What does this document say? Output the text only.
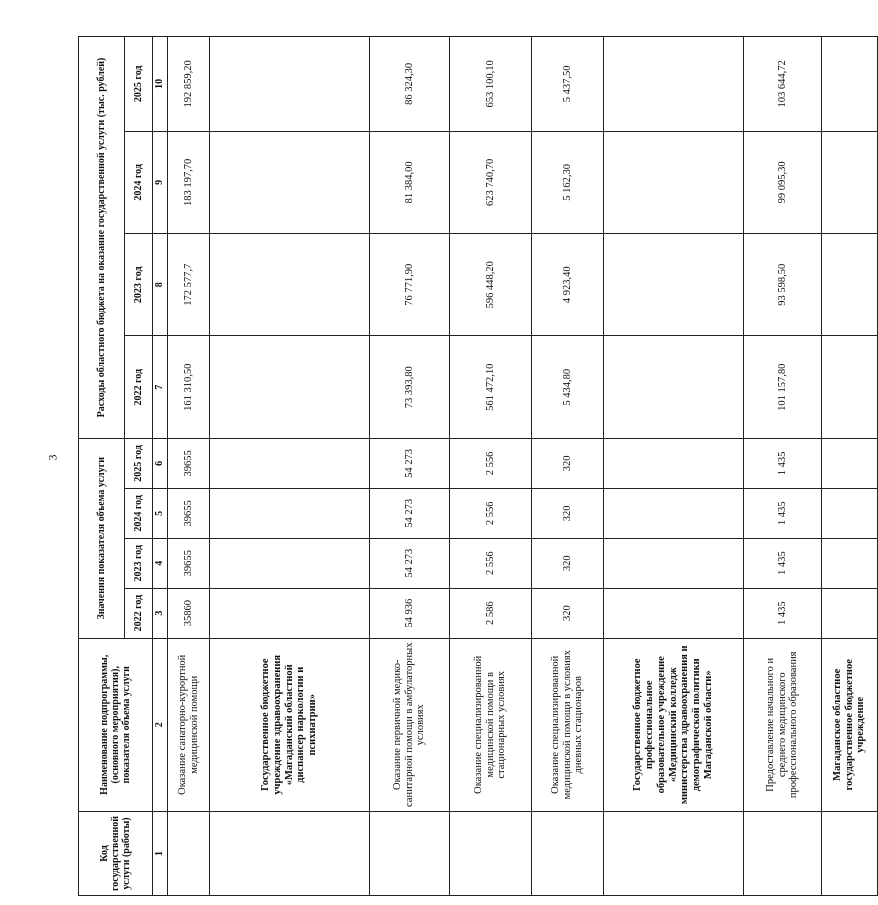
3
Код государственной услуги (работы)	Наименование подпрограммы, (основного мероприятия), показателя объема услуги	Значения показателя объема услуги				Расходы областного бюджета на оказание государственной услуги (тыс. рублей)			
		2022 год	2023 год	2024 год	2025 год	2022 год	2023 год	2024 год	2025 год
1	2	3	4	5	6	7	8	9	10
	Оказание санаторно-курортной медицинской помощи	35860	39655	39655	39655	161 310,50	172 577,7	183 197,70	192 859,20
	Государственное бюджетное учреждение здравоохранения «Магаданский областной диспансер наркологии и психиатрии»								
	Оказание первичной медико-санитарной помощи в амбулаторных условиях	54 936	54 273	54 273	54 273	73 393,80	76 771,90	81 384,00	86 324,30
	Оказание специализированной медицинской помощи в стационарных условиях	2 586	2 556	2 556	2 556	561 472,10	596 448,20	623 740,70	653 100,10
	Оказание специализированной медицинской помощи в условиях дневных стационаров	320	320	320	320	5 434,80	4 923,40	5 162,30	5 437,50
	Государственное бюджетное профессиональное образовательное учреждение «Медицинский колледж министерства здравоохранения и демографической политики Магаданской области»								
	Предоставление начального и среднего медицинского профессионального образования	1 435	1 435	1 435	1 435	101 157,80	93 598,50	99 095,30	103 644,72
	Магаданское областное государственное бюджетное учреждение								
